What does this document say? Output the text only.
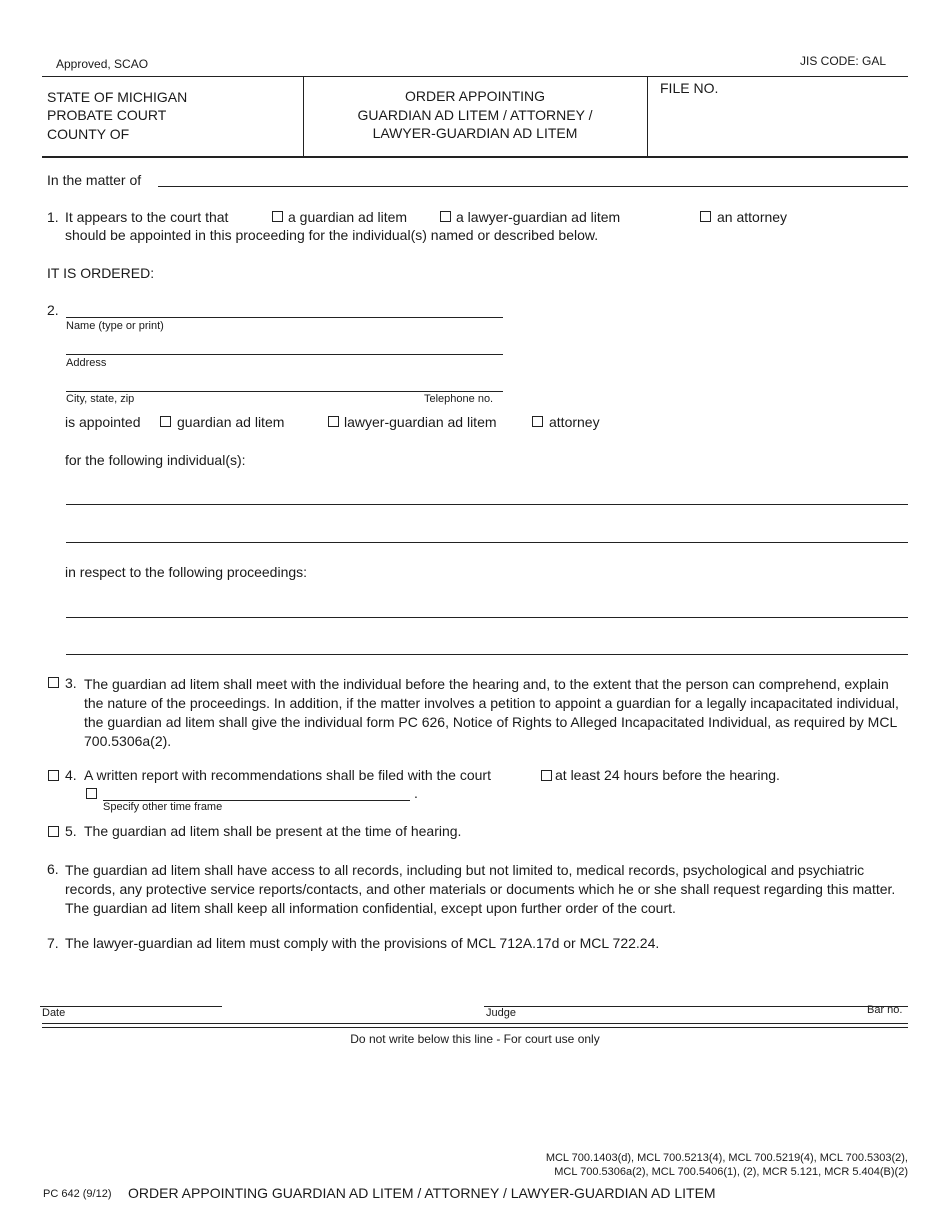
Approved, SCAO	JIS CODE: GAL
STATE OF MICHIGAN
PROBATE COURT
COUNTY OF
ORDER APPOINTING
GUARDIAN AD LITEM / ATTORNEY /
LAWYER-GUARDIAN AD LITEM
FILE NO.
In the matter of
1. It appears to the court that	a guardian ad litem	a lawyer-guardian ad litem	an attorney
should be appointed in this proceeding for the individual(s) named or described below.
IT IS ORDERED:
2.
Name (type or print)
Address
City, state, zip	Telephone no.
is appointed	guardian ad litem	lawyer-guardian ad litem	attorney
for the following individual(s):
in respect to the following proceedings:
3. The guardian ad litem shall meet with the individual before the hearing and, to the extent that the person can comprehend, explain the nature of the proceedings. In addition, if the matter involves a petition to appoint a guardian for a legally incapacitated individual, the guardian ad litem shall give the individual form PC 626, Notice of Rights to Alleged Incapacitated Individual, as required by MCL 700.5306a(2).
4. A written report with recommendations shall be filed with the court	at least 24 hours before the hearing.
.
Specify other time frame
5. The guardian ad litem shall be present at the time of hearing.
6. The guardian ad litem shall have access to all records, including but not limited to, medical records, psychological and psychiatric records, any protective service reports/contacts, and other materials or documents which he or she shall request regarding this matter. The guardian ad litem shall keep all information confidential, except upon further order of the court.
7. The lawyer-guardian ad litem must comply with the provisions of MCL 712A.17d or MCL 722.24.
Date	Judge	Bar no.
Do not write below this line - For court use only
MCL 700.1403(d), MCL 700.5213(4), MCL 700.5219(4), MCL 700.5303(2),
MCL 700.5306a(2), MCL 700.5406(1), (2), MCR 5.121, MCR 5.404(B)(2)
PC 642 (9/12) ORDER APPOINTING GUARDIAN AD LITEM / ATTORNEY / LAWYER-GUARDIAN AD LITEM
